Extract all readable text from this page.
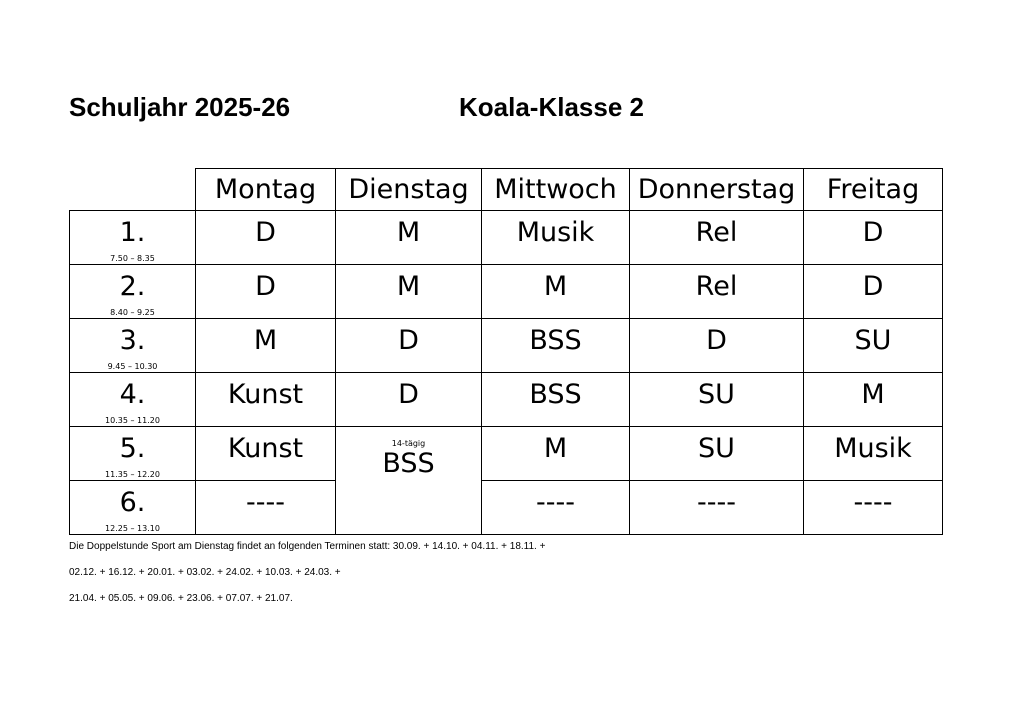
Schuljahr 2025-26	Koala-Klasse 2
	Montag	Dienstag	Mittwoch	Donnerstag	Freitag

1.
7.50 – 8.35	D	M	Musik	Rel	D

2.
8.40 – 9.25	D	M	M	Rel	D

3.
9.45 – 10.30	M	D	BSS	D	SU

4.
10.35 – 11.20	Kunst	D	BSS	SU	M

5.
11.35 – 12.20	Kunst	14-tägig
BSS	M	SU	Musik

6.
12.25 – 13.10	----		----	----	----
Die Doppelstunde Sport am Dienstag findet an folgenden Terminen statt: 30.09. + 14.10. + 04.11. + 18.11. +
02.12. + 16.12. + 20.01. + 03.02. + 24.02. + 10.03. + 24.03. +
21.04. + 05.05. + 09.06. + 23.06. + 07.07. + 21.07.
